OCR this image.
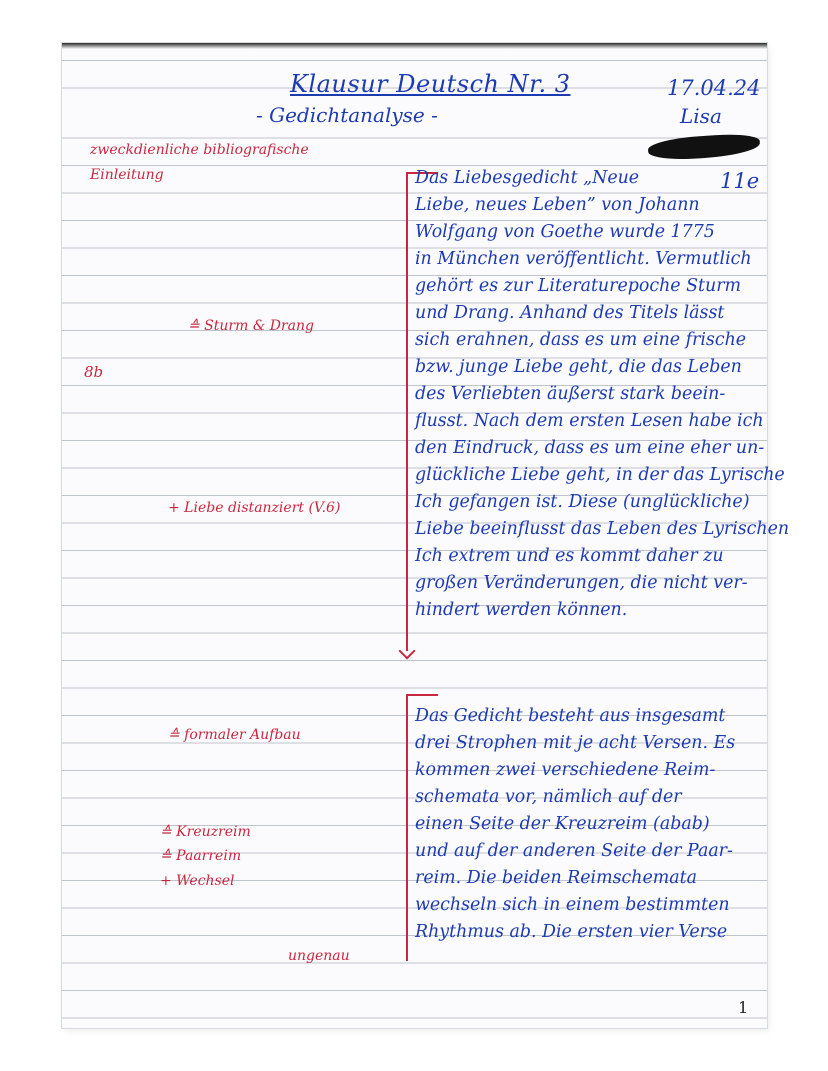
Klausur Deutsch Nr. 3
- Gedichtanalyse -
17.04.24
Lisa
11e
zweckdienliche bibliografische
Einleitung
≙ Sturm & Drang
8b
+ Liebe distanziert (V.6)
≙ formaler Aufbau
≙ Kreuzreim
≙ Paarreim
+ Wechsel
ungenau

Das Liebesgedicht „Neue

Liebe, neues Leben” von Johann

Wolfgang von Goethe wurde 1775

in München veröffentlicht. Vermutlich

gehört es zur Literaturepoche Sturm

und Drang. Anhand des Titels lässt

sich erahnen, dass es um eine frische

bzw. junge Liebe geht, die das Leben

des Verliebten äußerst stark beein-

flusst. Nach dem ersten Lesen habe ich

den Eindruck, dass es um eine eher un-

glückliche Liebe geht, in der das Lyrische

Ich gefangen ist. Diese (unglückliche)

Liebe beeinflusst das Leben des Lyrischen

Ich extrem und es kommt daher zu

großen Veränderungen, die nicht ver-

hindert werden können.

Das Gedicht besteht aus insgesamt

drei Strophen mit je acht Versen. Es

kommen zwei verschiedene Reim-

schemata vor, nämlich auf der

einen Seite der Kreuzreim (abab)

und auf der anderen Seite der Paar-

reim. Die beiden Reimschemata

wechseln sich in einem bestimmten

Rhythmus ab. Die ersten vier Verse

1
